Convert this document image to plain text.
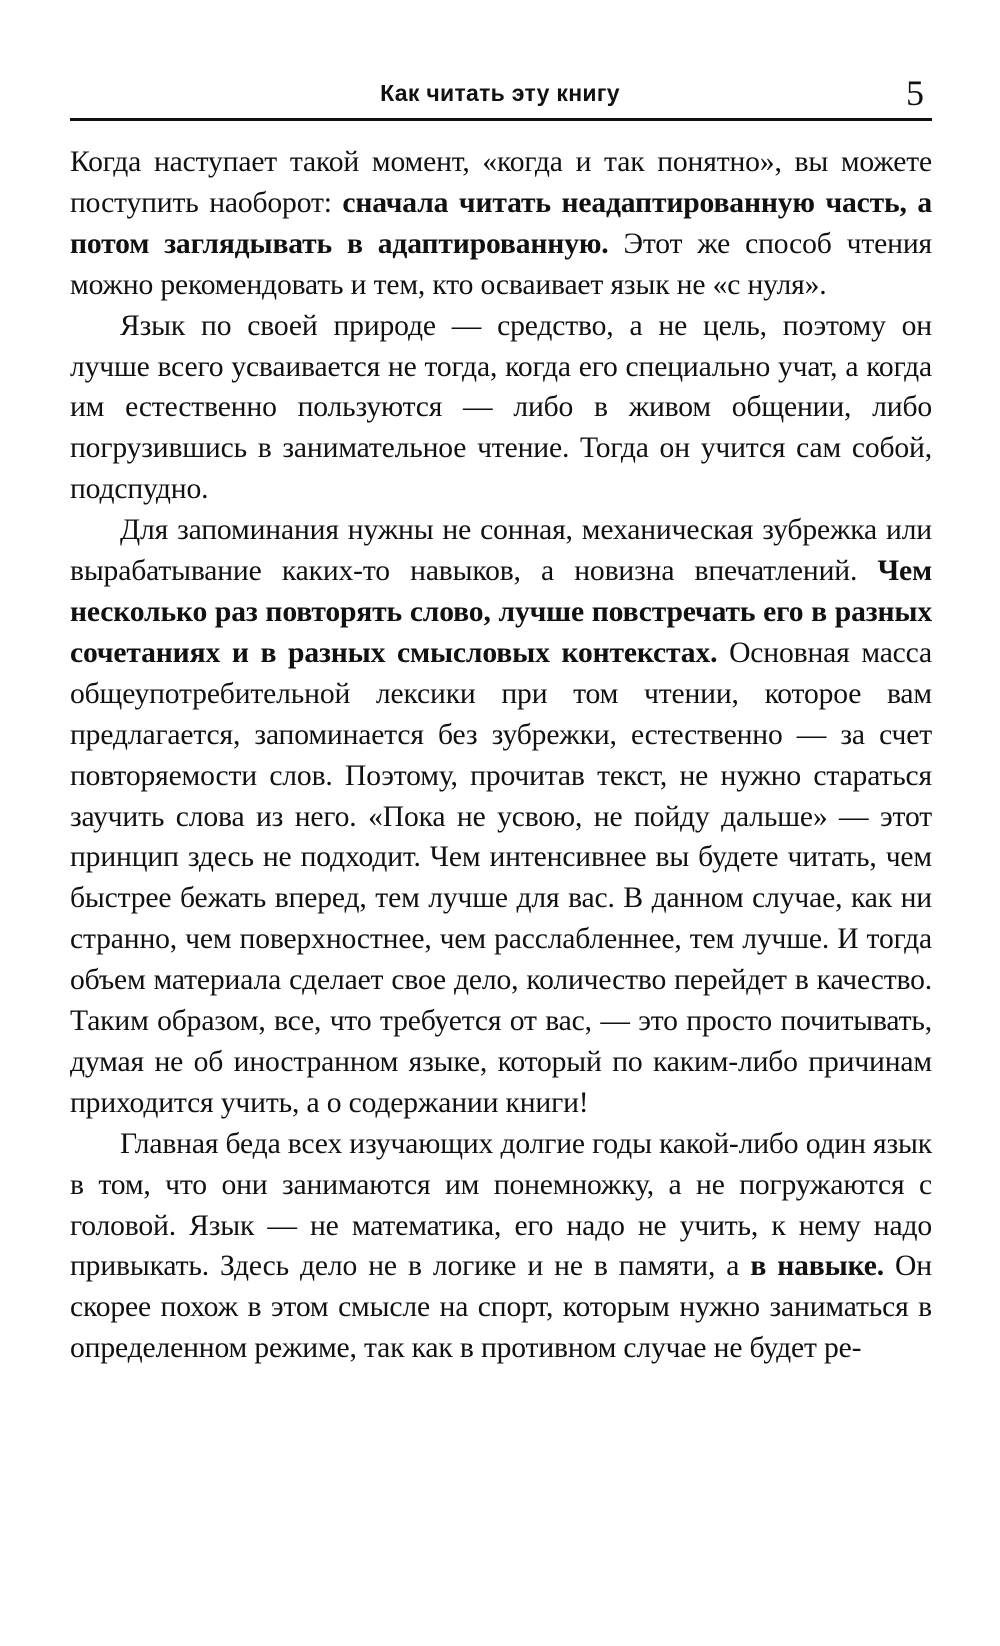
Как читать эту книгу	5

Когда наступает такой момент, «когда и так понятно», вы можете поступить наоборот: сначала читать неадаптированную часть, а потом заглядывать в адаптированную. Этот же способ чтения можно рекомендовать и тем, кто осваивает язык не «с нуля».

Язык по своей природе — средство, а не цель, поэтому он лучше всего усваивается не тогда, когда его специально учат, а когда им естественно пользуются — либо в живом общении, либо погрузившись в занимательное чтение. Тогда он учится сам собой, подспудно.

Для запоминания нужны не сонная, механическая зубрежка или вырабатывание каких-то навыков, а новизна впечатлений. Чем несколько раз повторять слово, лучше повстречать его в разных сочетаниях и в разных смысловых контекстах. Основная масса общеупотребительной лексики при том чтении, которое вам предлагается, запоминается без зубрежки, естественно — за счет повторяемости слов. Поэтому, прочитав текст, не нужно стараться заучить слова из него. «Пока не усвою, не пойду дальше» — этот принцип здесь не подходит. Чем интенсивнее вы будете читать, чем быстрее бежать вперед, тем лучше для вас. В данном случае, как ни странно, чем поверхностнее, чем расслабленнее, тем лучше. И тогда объем материала сделает свое дело, количество перейдет в качество. Таким образом, все, что требуется от вас, — это просто почитывать, думая не об иностранном языке, который по каким-либо причинам приходится учить, а о содержании книги!

Главная беда всех изучающих долгие годы какой-либо один язык в том, что они занимаются им понемножку, а не погружаются с головой. Язык — не математика, его надо не учить, к нему надо привыкать. Здесь дело не в логике и не в памяти, а в навыке. Он скорее похож в этом смысле на спорт, которым нужно заниматься в определенном режиме, так как в противном случае не будет ре-
